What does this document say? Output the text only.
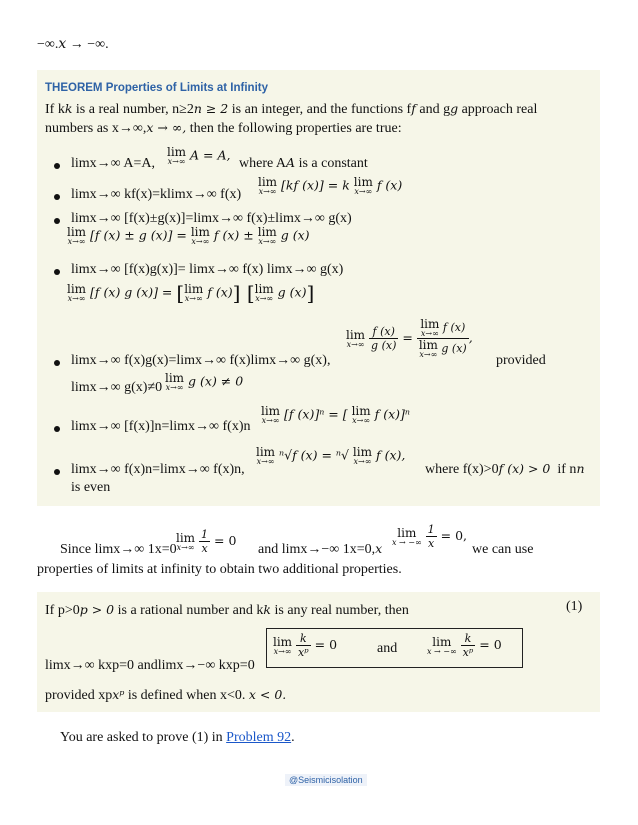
−∞.𝑥 → −∞.
THEOREM Properties of Limits at Infinity
If k𝑘 is a real number, n≥2𝑛 ≥ 2 is an integer, and the functions f𝑓 and g𝑔 approach real
numbers as x→∞,𝑥 → ∞, then the following properties are true:
limx→∞ A=A,
lim
𝑥→∞ 𝐴 = 𝐴,
where A𝐴 is a constant
limx→∞ kf(x)=klimx→∞ f(x)
lim
𝑥→∞ [𝑘𝑓 (𝑥)] = 𝑘 lim
𝑥→∞ 𝑓 (𝑥)
limx→∞ [f(x)±g(x)]=limx→∞ f(x)±limx→∞ g(x)
lim
𝑥→∞ [𝑓 (𝑥) ± 𝑔 (𝑥)] = lim
𝑥→∞ 𝑓 (𝑥) ± lim
𝑥→∞ 𝑔 (𝑥)
limx→∞ [f(x)g(x)]= limx→∞ f(x) limx→∞ g(x)
lim
𝑥→∞ [𝑓 (𝑥) 𝑔 (𝑥)] = [ lim
𝑥→∞ 𝑓 (𝑥)] [ lim
𝑥→∞ 𝑔 (𝑥)]
lim
𝑥→∞
$\frac{\text{𝑓 (𝑥)}}{\text{𝑔 (𝑥)}} = \lim$
𝑥→∞ 𝑓 (𝑥)
lim
𝑥→∞ 𝑔 (𝑥) ,
limx→∞ f(x)g(x)=limx→∞ f(x)limx→∞ g(x),	provided
limx→∞ g(x)≠0
lim
𝑥→∞ 𝑔 (𝑥) ≠ 0
limx→∞ [f(x)]n=limx→∞ f(x)n
lim
𝑥→∞ [𝑓 (𝑥)]ⁿ = [ lim
𝑥→∞ 𝑓 (𝑥)]ⁿ
limx→∞ f(x)n=limx→∞ f(x)n,
lim
𝑥→∞ ⁿ√𝑓 (𝑥) = ⁿ√ lim
𝑥→∞ 𝑓 (𝑥),
where f(x)>0𝑓 (𝑥) > 0 if n𝑛
is even
Since limx→∞ 1x=0
lim
𝑥→∞
$\frac{1}{\text{𝑥}} = 0$
and limx→−∞ 1x=0,𝑥
lim
𝑥 → −∞
$\frac{1}{\text{𝑥}} = 0$,
we can use
properties of limits at infinity to obtain two additional properties.
If p>0𝑝 > 0 is a rational number and k𝑘 is any real number, then	(1)
limx→∞ kxp=0 andlimx→−∞ kxp=0
lim
𝑥→∞
$\frac{\text{𝑘}}{\text{𝑥ᵖ}} = 0$	and	lim
𝑥 → −∞
$\frac{\text{𝑘}}{\text{𝑥ᵖ}} = 0$
provided xp𝑥ᵖ is defined when x<0. 𝑥 < 0.
You are asked to prove (1) in Problem 92.
@Seismicisolation
